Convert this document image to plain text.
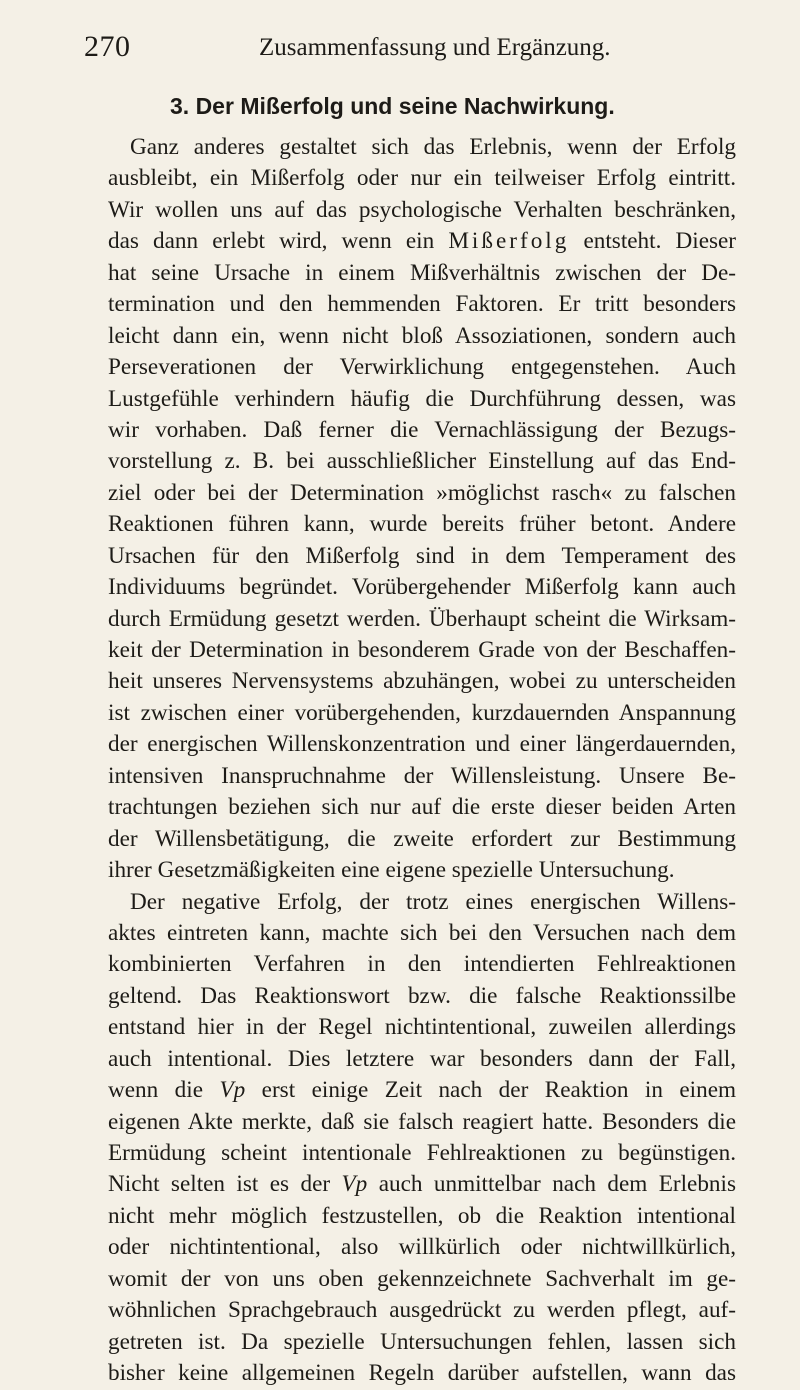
270	Zusammenfassung und Ergänzung.
3. Der Mißerfolg und seine Nachwirkung.
Ganz anderes gestaltet sich das Erlebnis, wenn der Erfolg
ausbleibt, ein Mißerfolg oder nur ein teilweiser Erfolg eintritt.
Wir wollen uns auf das psychologische Verhalten beschränken,
das dann erlebt wird, wenn ein Mißerfolg entsteht. Dieser
hat seine Ursache in einem Mißverhältnis zwischen der De-
termination und den hemmenden Faktoren. Er tritt besonders
leicht dann ein, wenn nicht bloß Assoziationen, sondern auch
Perseverationen der Verwirklichung entgegenstehen. Auch
Lustgefühle verhindern häufig die Durchführung dessen, was
wir vorhaben. Daß ferner die Vernachlässigung der Bezugs-
vorstellung z. B. bei ausschließlicher Einstellung auf das End-
ziel oder bei der Determination »möglichst rasch« zu falschen
Reaktionen führen kann, wurde bereits früher betont. Andere
Ursachen für den Mißerfolg sind in dem Temperament des
Individuums begründet. Vorübergehender Mißerfolg kann auch
durch Ermüdung gesetzt werden. Überhaupt scheint die Wirksam-
keit der Determination in besonderem Grade von der Beschaffen-
heit unseres Nervensystems abzuhängen, wobei zu unterscheiden
ist zwischen einer vorübergehenden, kurzdauernden Anspannung
der energischen Willenskonzentration und einer längerdauernden,
intensiven Inanspruchnahme der Willensleistung. Unsere Be-
trachtungen beziehen sich nur auf die erste dieser beiden Arten
der Willensbetätigung, die zweite erfordert zur Bestimmung
ihrer Gesetzmäßigkeiten eine eigene spezielle Untersuchung.
Der negative Erfolg, der trotz eines energischen Willens-
aktes eintreten kann, machte sich bei den Versuchen nach dem
kombinierten Verfahren in den intendierten Fehlreaktionen
geltend. Das Reaktionswort bzw. die falsche Reaktionssilbe
entstand hier in der Regel nichtintentional, zuweilen allerdings
auch intentional. Dies letztere war besonders dann der Fall,
wenn die Vp erst einige Zeit nach der Reaktion in einem
eigenen Akte merkte, daß sie falsch reagiert hatte. Besonders die
Ermüdung scheint intentionale Fehlreaktionen zu begünstigen.
Nicht selten ist es der Vp auch unmittelbar nach dem Erlebnis
nicht mehr möglich festzustellen, ob die Reaktion intentional
oder nichtintentional, also willkürlich oder nichtwillkürlich,
womit der von uns oben gekennzeichnete Sachverhalt im ge-
wöhnlichen Sprachgebrauch ausgedrückt zu werden pflegt, auf-
getreten ist. Da spezielle Untersuchungen fehlen, lassen sich
bisher keine allgemeinen Regeln darüber aufstellen, wann das
